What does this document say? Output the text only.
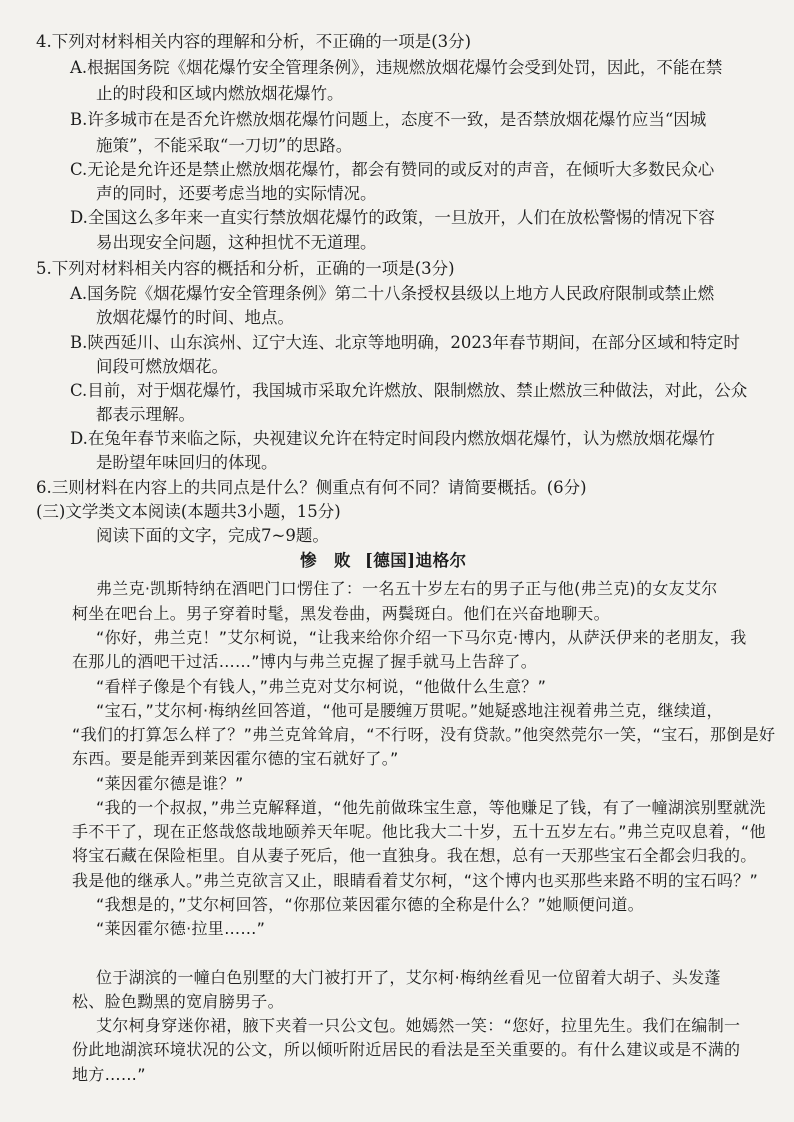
4.下列对材料相关内容的理解和分析，不正确的一项是(3分)
A.根据国务院《烟花爆竹安全管理条例》，违规燃放烟花爆竹会受到处罚，因此，不能在禁
止的时段和区域内燃放烟花爆竹。
B.许多城市在是否允许燃放烟花爆竹问题上，态度不一致，是否禁放烟花爆竹应当“因城
施策”，不能采取“一刀切”的思路。
C.无论是允许还是禁止燃放烟花爆竹，都会有赞同的或反对的声音，在倾听大多数民众心
声的同时，还要考虑当地的实际情况。
D.全国这么多年来一直实行禁放烟花爆竹的政策，一旦放开，人们在放松警惕的情况下容
易出现安全问题，这种担忧不无道理。
5.下列对材料相关内容的概括和分析，正确的一项是(3分)
A.国务院《烟花爆竹安全管理条例》第二十八条授权县级以上地方人民政府限制或禁止燃
放烟花爆竹的时间、地点。
B.陕西延川、山东滨州、辽宁大连、北京等地明确，2023年春节期间，在部分区域和特定时
间段可燃放烟花。
C.目前，对于烟花爆竹，我国城市采取允许燃放、限制燃放、禁止燃放三种做法，对此，公众
都表示理解。
D.在兔年春节来临之际，央视建议允许在特定时间段内燃放烟花爆竹，认为燃放烟花爆竹
是盼望年味回归的体现。
6.三则材料在内容上的共同点是什么？侧重点有何不同？请简要概括。(6分)
(三)文学类文本阅读(本题共3小题，15分)
阅读下面的文字，完成7~9题。
惨　败 [德国]迪格尔
弗兰克·凯斯特纳在酒吧门口愣住了：一名五十岁左右的男子正与他(弗兰克)的女友艾尔
柯坐在吧台上。男子穿着时髦，黑发卷曲，两鬓斑白。他们在兴奋地聊天。
“你好，弗兰克！”艾尔柯说，“让我来给你介绍一下马尔克·博内，从萨沃伊来的老朋友，我
在那儿的酒吧干过活……”博内与弗兰克握了握手就马上告辞了。
“看样子像是个有钱人，”弗兰克对艾尔柯说，“他做什么生意？”
“宝石，”艾尔柯·梅纳丝回答道，“他可是腰缠万贯呢。”她疑惑地注视着弗兰克，继续道，
“我们的打算怎么样了？”弗兰克耸耸肩，“不行呀，没有贷款。”他突然莞尔一笑，“宝石，那倒是好
东西。要是能弄到莱因霍尔德的宝石就好了。”
“莱因霍尔德是谁？”
“我的一个叔叔，”弗兰克解释道，“他先前做珠宝生意，等他赚足了钱，有了一幢湖滨别墅就洗
手不干了，现在正悠哉悠哉地颐养天年呢。他比我大二十岁，五十五岁左右。”弗兰克叹息着，“他
将宝石藏在保险柜里。自从妻子死后，他一直独身。我在想，总有一天那些宝石全都会归我的。
我是他的继承人。”弗兰克欲言又止，眼睛看着艾尔柯，“这个博内也买那些来路不明的宝石吗？”
“我想是的，”艾尔柯回答，“你那位莱因霍尔德的全称是什么？”她顺便问道。
“莱因霍尔德·拉里……”
位于湖滨的一幢白色别墅的大门被打开了，艾尔柯·梅纳丝看见一位留着大胡子、头发蓬
松、脸色黝黑的宽肩膀男子。
艾尔柯身穿迷你裙，腋下夹着一只公文包。她嫣然一笑：“您好，拉里先生。我们在编制一
份此地湖滨环境状况的公文，所以倾听附近居民的看法是至关重要的。有什么建议或是不满的
地方……”
